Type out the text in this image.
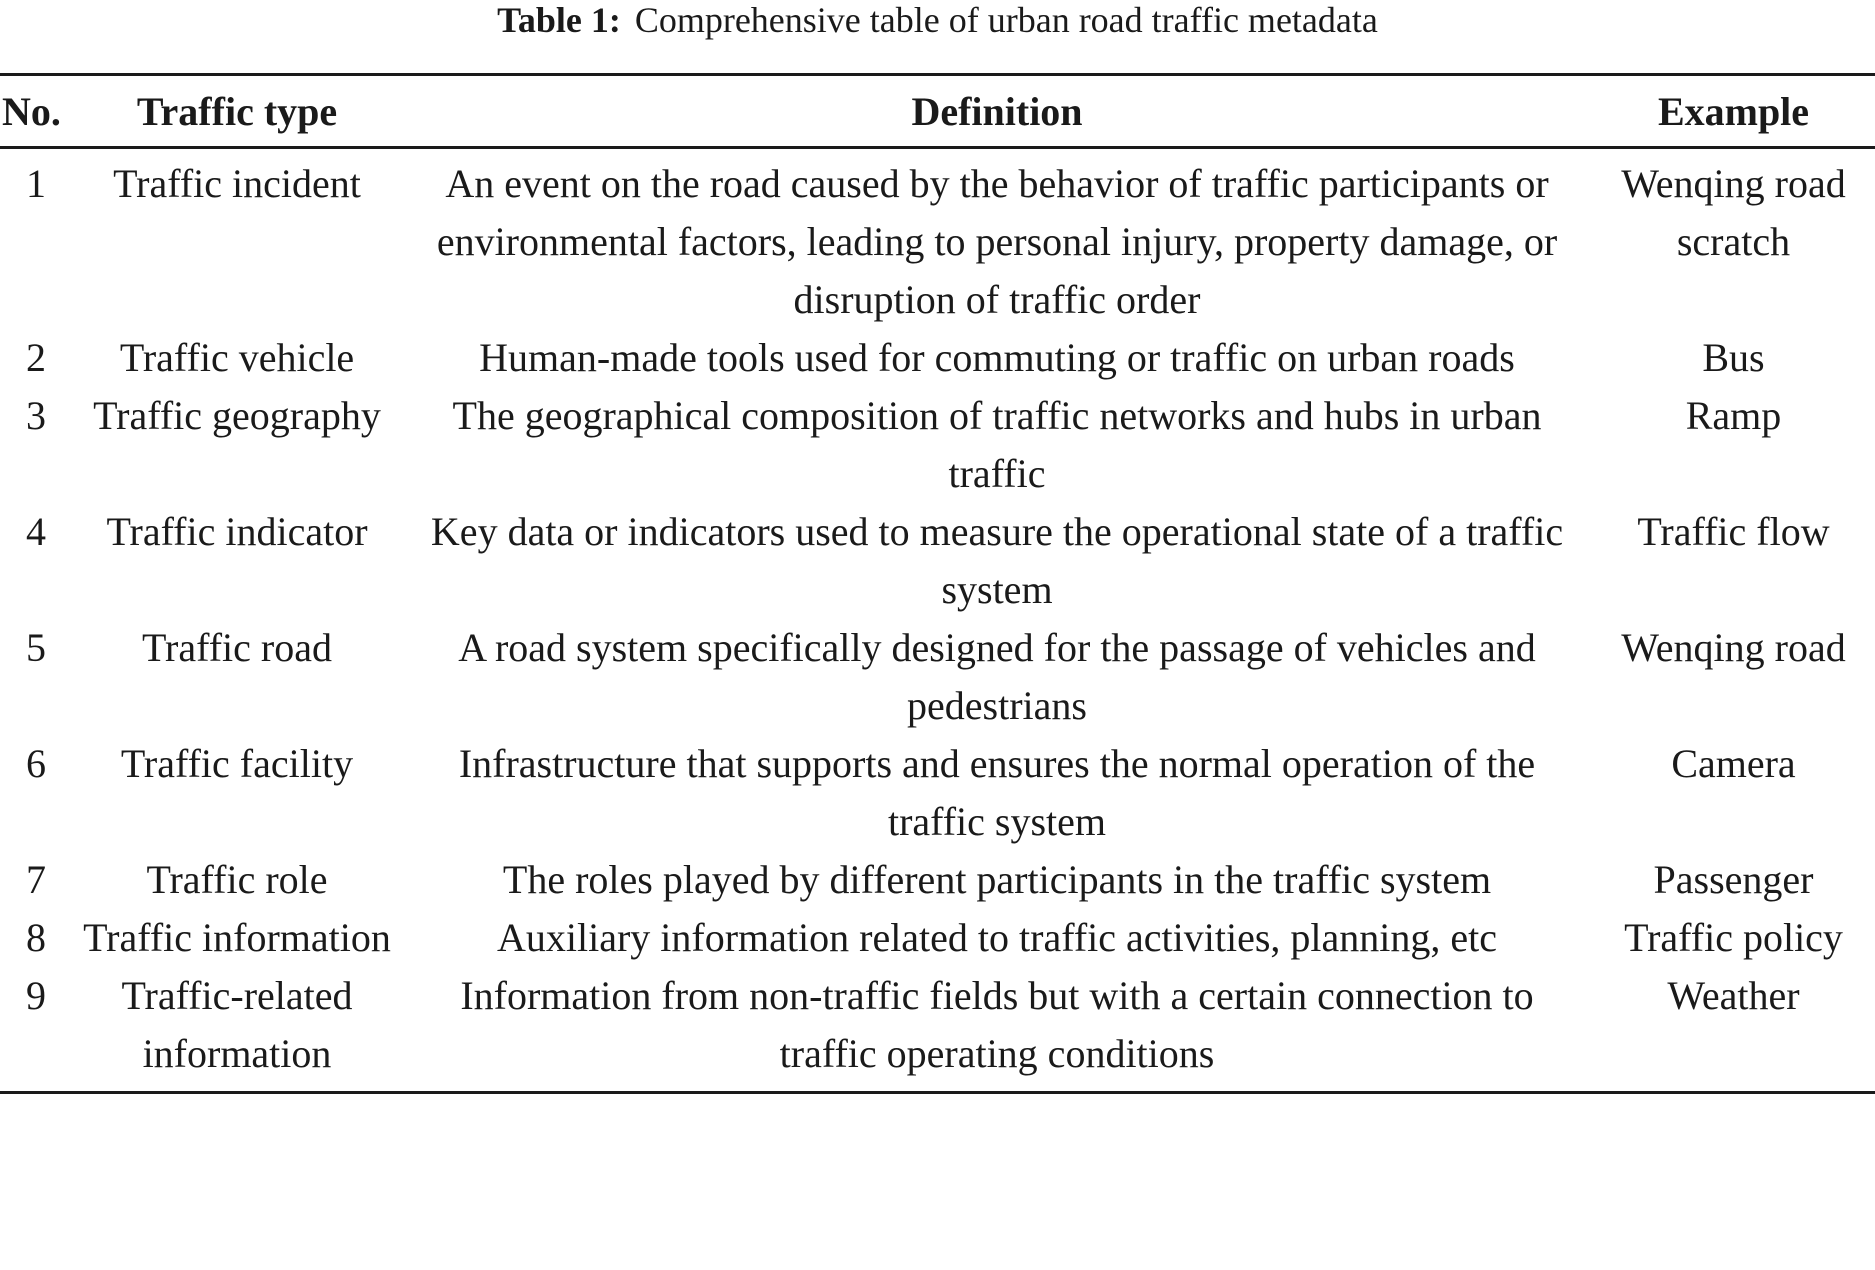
Table 1: Comprehensive table of urban road traffic metadata
No.	Traffic type	Definition	Example
1	Traffic incident	An event on the road caused by the behavior of traffic participants or environmental factors, leading to personal injury, property damage, or disruption of traffic order	Wenqing road scratch
2	Traffic vehicle	Human-made tools used for commuting or traffic on urban roads	Bus
3	Traffic geography	The geographical composition of traffic networks and hubs in urban traffic	Ramp
4	Traffic indicator	Key data or indicators used to measure the operational state of a traffic system	Traffic flow
5	Traffic road	A road system specifically designed for the passage of vehicles and pedestrians	Wenqing road
6	Traffic facility	Infrastructure that supports and ensures the normal operation of the traffic system	Camera
7	Traffic role	The roles played by different participants in the traffic system	Passenger
8	Traffic information	Auxiliary information related to traffic activities, planning, etc	Traffic policy
9	Traffic-related information	Information from non-traffic fields but with a certain connection to traffic operating conditions	Weather
